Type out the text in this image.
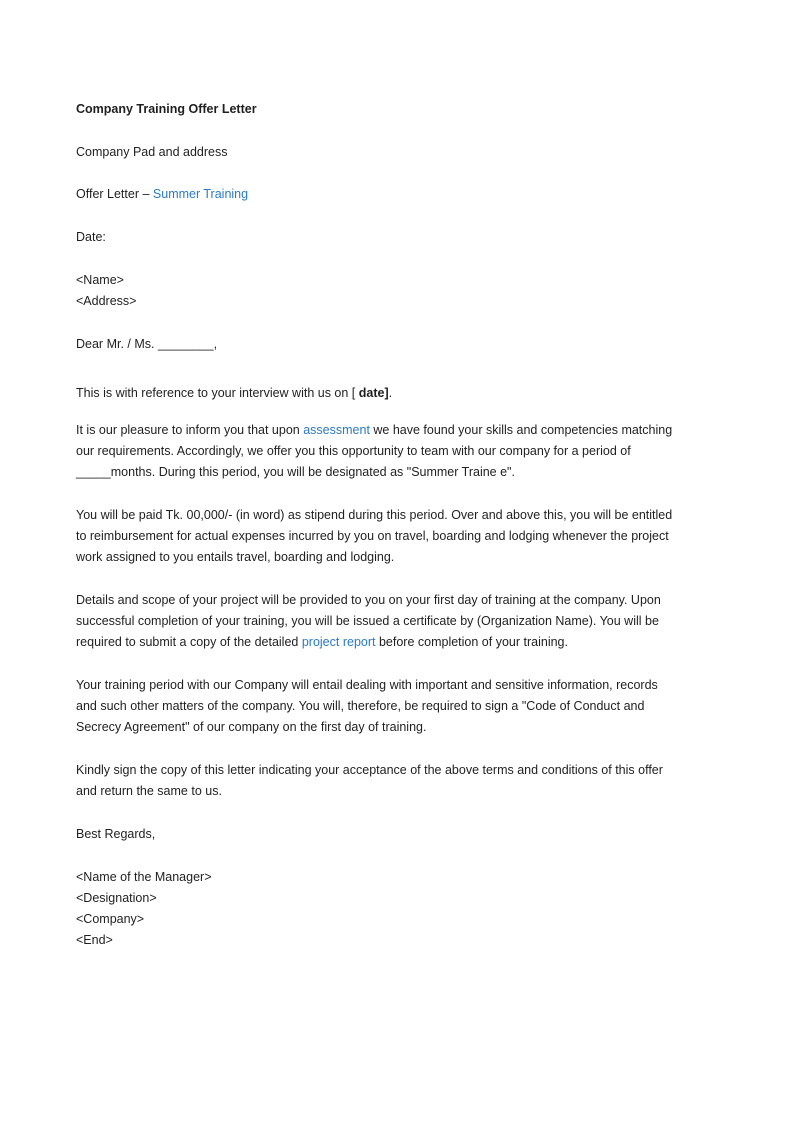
Company Training Offer Letter
Company Pad and address
Offer Letter – Summer Training
Date:
<Name>
<Address>
Dear Mr. / Ms. ________,
This is with reference to your interview with us on [ date].
It is our pleasure to inform you that upon assessment we have found your skills and competencies matching
our requirements. Accordingly, we offer you this opportunity to team with our company for a period of
_____months. During this period, you will be designated as "Summer Traine e".
You will be paid Tk. 00,000/- (in word) as stipend during this period. Over and above this, you will be entitled
to reimbursement for actual expenses incurred by you on travel, boarding and lodging whenever the project
work assigned to you entails travel, boarding and lodging.
Details and scope of your project will be provided to you on your first day of training at the company. Upon
successful completion of your training, you will be issued a certificate by (Organization Name). You will be
required to submit a copy of the detailed project report before completion of your training.
Your training period with our Company will entail dealing with important and sensitive information, records
and such other matters of the company. You will, therefore, be required to sign a "Code of Conduct and
Secrecy Agreement" of our company on the first day of training.
Kindly sign the copy of this letter indicating your acceptance of the above terms and conditions of this offer
and return the same to us.
Best Regards,
<Name of the Manager>
<Designation>
<Company>
<End>
